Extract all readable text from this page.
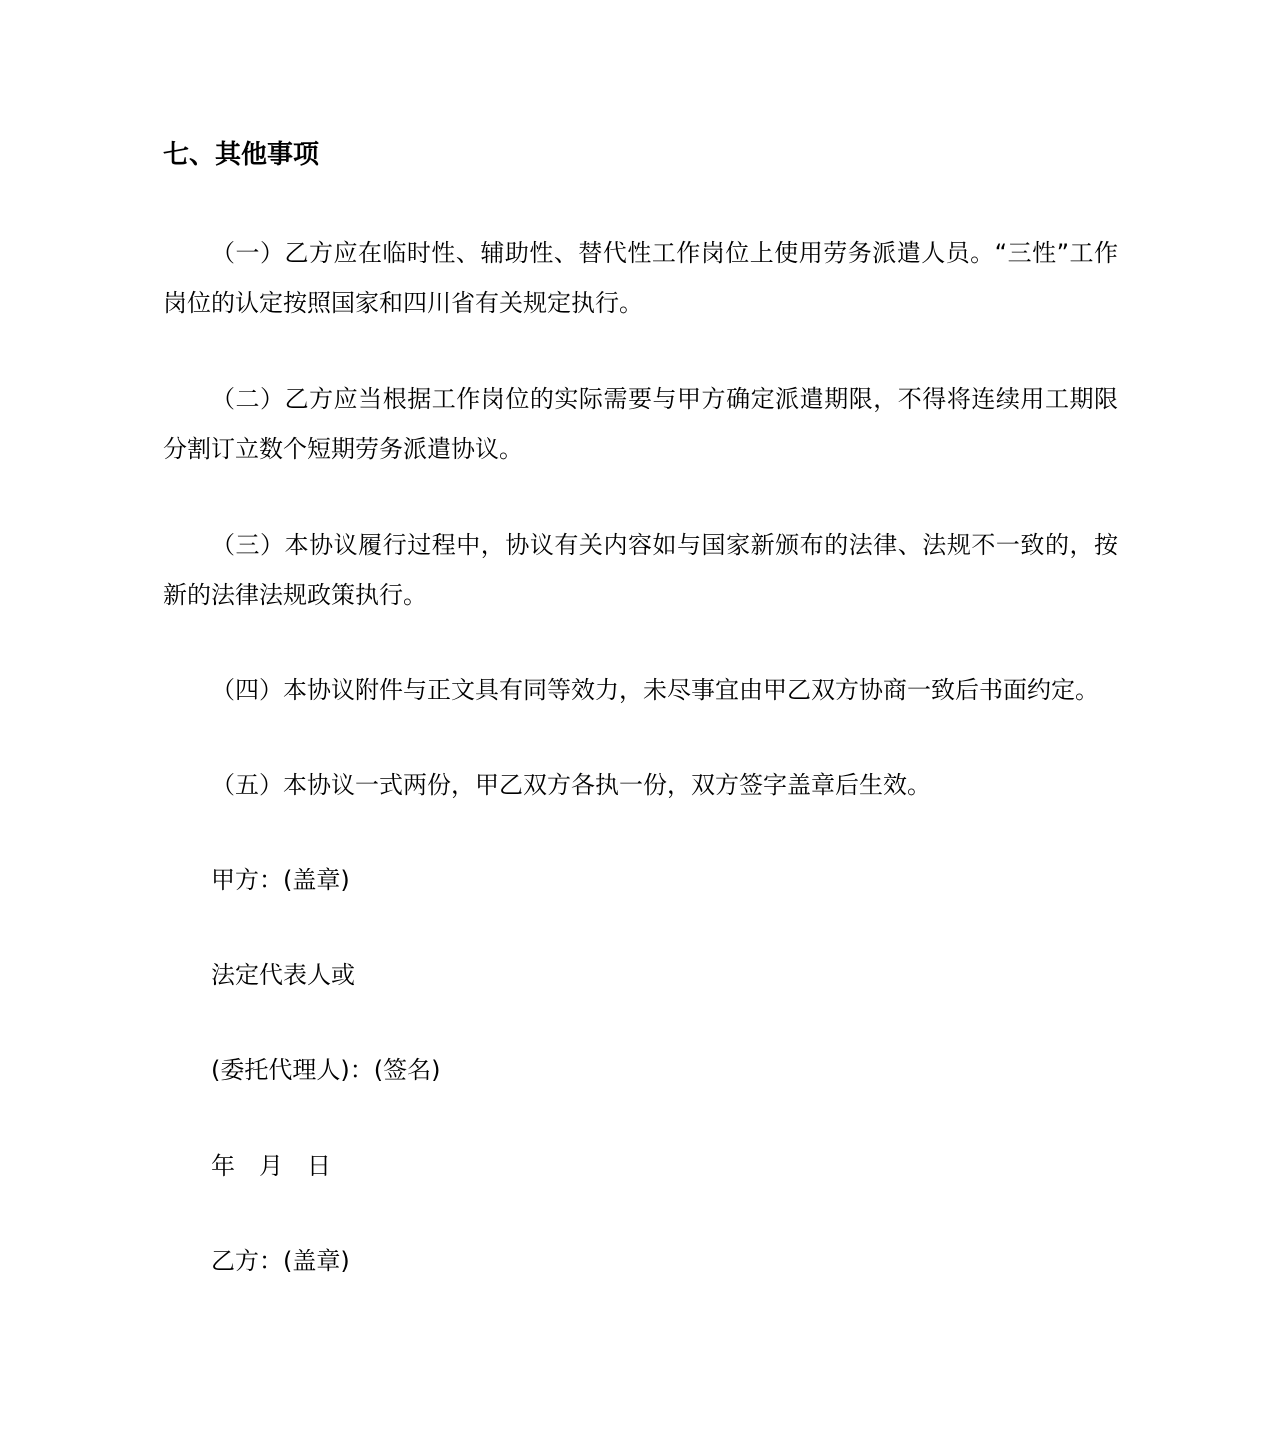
七、其他事项
（一）乙方应在临时性、辅助性、替代性工作岗位上使用劳务派遣人员。“三性”工作岗位的认定按照国家和四川省有关规定执行。
（二）乙方应当根据工作岗位的实际需要与甲方确定派遣期限，不得将连续用工期限分割订立数个短期劳务派遣协议。
（三）本协议履行过程中，协议有关内容如与国家新颁布的法律、法规不一致的，按新的法律法规政策执行。
（四）本协议附件与正文具有同等效力，未尽事宜由甲乙双方协商一致后书面约定。
（五）本协议一式两份，甲乙双方各执一份，双方签字盖章后生效。
甲方：(盖章)
法定代表人或
(委托代理人)：(签名)
年　月　日
乙方：(盖章)
